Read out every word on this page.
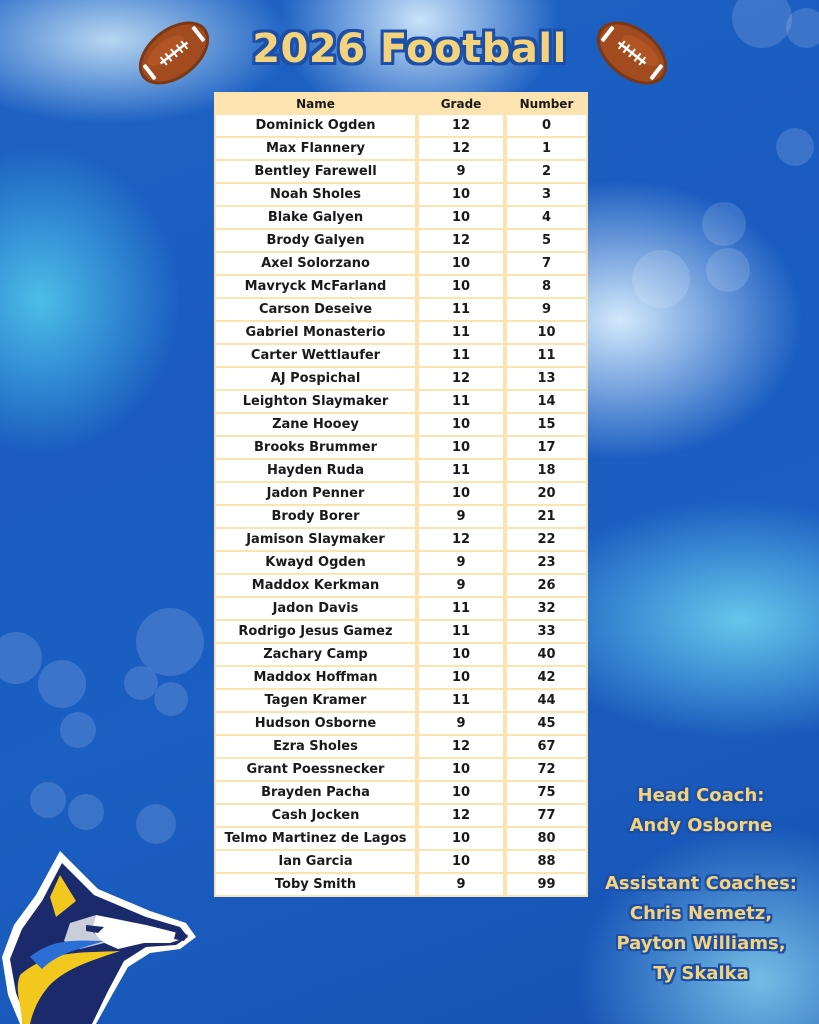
2026 Football
Name	Grade	Number
Dominick Ogden	12	0
Max Flannery	12	1
Bentley Farewell	9	2
Noah Sholes	10	3
Blake Galyen	10	4
Brody Galyen	12	5
Axel Solorzano	10	7
Mavryck McFarland	10	8
Carson Deseive	11	9
Gabriel Monasterio	11	10
Carter Wettlaufer	11	11
AJ Pospichal	12	13
Leighton Slaymaker	11	14
Zane Hooey	10	15
Brooks Brummer	10	17
Hayden Ruda	11	18
Jadon Penner	10	20
Brody Borer	9	21
Jamison Slaymaker	12	22
Kwayd Ogden	9	23
Maddox Kerkman	9	26
Jadon Davis	11	32
Rodrigo Jesus Gamez	11	33
Zachary Camp	10	40
Maddox Hoffman	10	42
Tagen Kramer	11	44
Hudson Osborne	9	45
Ezra Sholes	12	67
Grant Poessnecker	10	72
Brayden Pacha	10	75
Cash Jocken	12	77
Telmo Martinez de Lagos	10	80
Ian Garcia	10	88
Toby Smith	9	99
Head Coach:
Andy Osborne
Assistant Coaches:
Chris Nemetz,
Payton Williams,
Ty Skalka
